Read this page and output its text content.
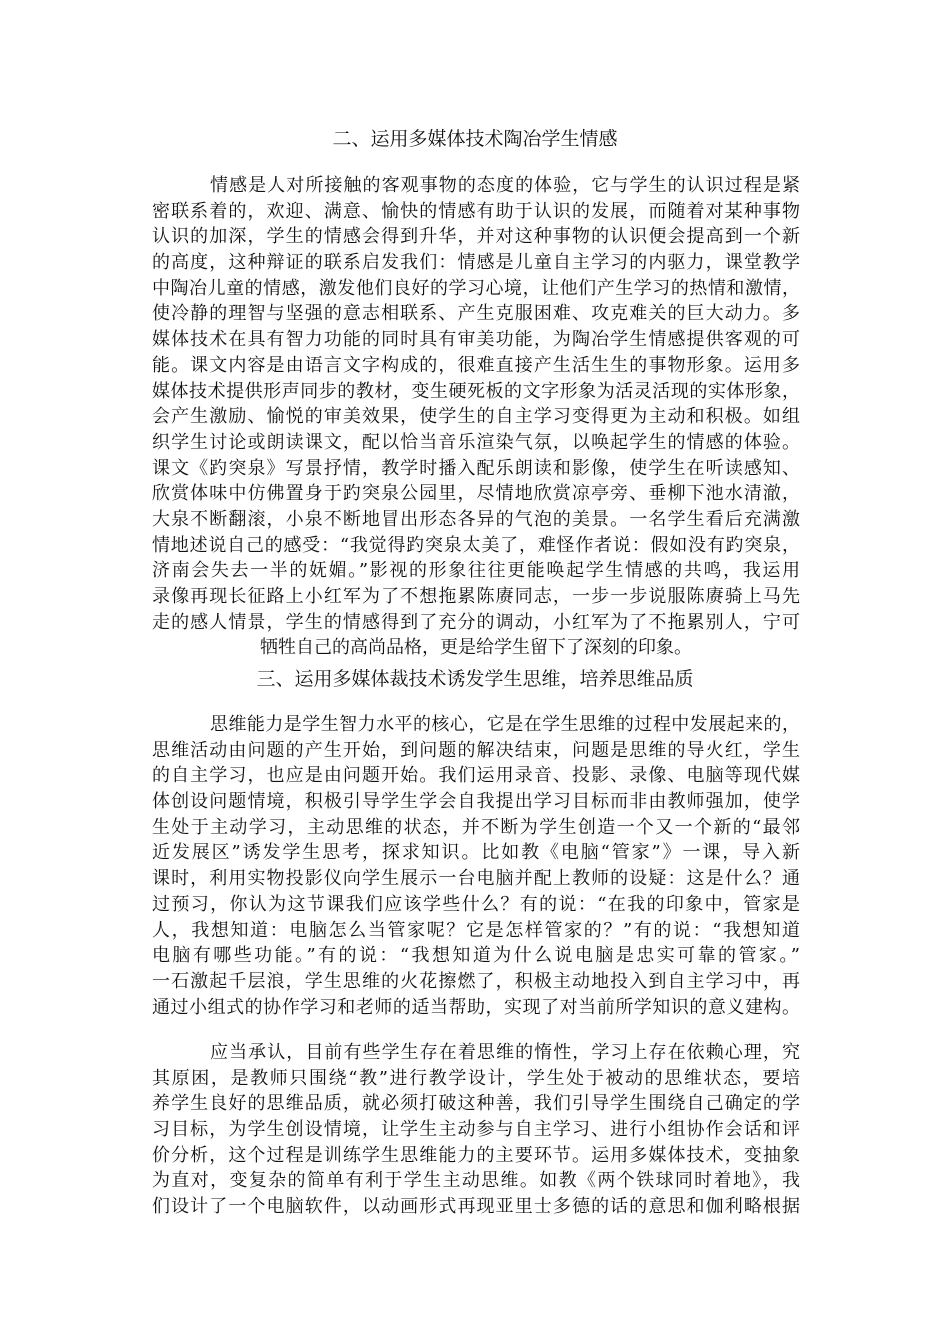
二、运用多媒体技术陶冶学生情感
情感是人对所接触的客观事物的态度的体验，它与学生的认识过程是紧
密联系着的，欢迎、满意、愉快的情感有助于认识的发展，而随着对某种事物
认识的加深，学生的情感会得到升华，并对这种事物的认识便会提高到一个新
的高度，这种辩证的联系启发我们：情感是儿童自主学习的内驱力，课堂教学
中陶冶儿童的情感，激发他们良好的学习心境，让他们产生学习的热情和激情，
使冷静的理智与坚强的意志相联系、产生克服困难、攻克难关的巨大动力。多
媒体技术在具有智力功能的同时具有审美功能，为陶冶学生情感提供客观的可
能。课文内容是由语言文字构成的，很难直接产生活生生的事物形象。运用多
媒体技术提供形声同步的教材，变生硬死板的文字形象为活灵活现的实体形象，
会产生激励、愉悦的审美效果，使学生的自主学习变得更为主动和积极。如组
织学生讨论或朗读课文，配以恰当音乐渲染气氛，以唤起学生的情感的体验。
课文《趵突泉》写景抒情，教学时播入配乐朗读和影像，使学生在听读感知、
欣赏体味中仿佛置身于趵突泉公园里，尽情地欣赏凉亭旁、垂柳下池水清澈，
大泉不断翻滚，小泉不断地冒出形态各异的气泡的美景。一名学生看后充满激
情地述说自己的感受：“我觉得趵突泉太美了，难怪作者说：假如没有趵突泉，
济南会失去一半的妩媚。”影视的形象往往更能唤起学生情感的共鸣，我运用
录像再现长征路上小红军为了不想拖累陈赓同志，一步一步说服陈赓骑上马先
走的感人情景，学生的情感得到了充分的调动，小红军为了不拖累别人，宁可
牺牲自己的高尚品格，更是给学生留下了深刻的印象。
三、运用多媒体裁技术诱发学生思维，培养思维品质
思维能力是学生智力水平的核心，它是在学生思维的过程中发展起来的，
思维活动由问题的产生开始，到问题的解决结束，问题是思维的导火红，学生
的自主学习，也应是由问题开始。我们运用录音、投影、录像、电脑等现代媒
体创设问题情境，积极引导学生学会自我提出学习目标而非由教师强加，使学
生处于主动学习，主动思维的状态，并不断为学生创造一个又一个新的“最邻
近发展区”诱发学生思考，探求知识。比如教《电脑“管家”》一课，导入新
课时，利用实物投影仪向学生展示一台电脑并配上教师的设疑：这是什么？通
过预习，你认为这节课我们应该学些什么？有的说：“在我的印象中，管家是
人，我想知道：电脑怎么当管家呢？它是怎样管家的？”有的说：“我想知道
电脑有哪些功能。”有的说：“我想知道为什么说电脑是忠实可靠的管家。”
一石激起千层浪，学生思维的火花擦燃了，积极主动地投入到自主学习中，再
通过小组式的协作学习和老师的适当帮助，实现了对当前所学知识的意义建构。
应当承认，目前有些学生存在着思维的惰性，学习上存在依赖心理，究
其原困，是教师只围绕“教”进行教学设计，学生处于被动的思维状态，要培
养学生良好的思维品质，就必须打破这种善，我们引导学生围绕自己确定的学
习目标，为学生创设情境，让学生主动参与自主学习、进行小组协作会话和评
价分析，这个过程是训练学生思维能力的主要环节。运用多媒体技术，变抽象
为直对，变复杂的简单有利于学生主动思维。如教《两个铁球同时着地》，我
们设计了一个电脑软件，以动画形式再现亚里士多德的话的意思和伽利略根据
